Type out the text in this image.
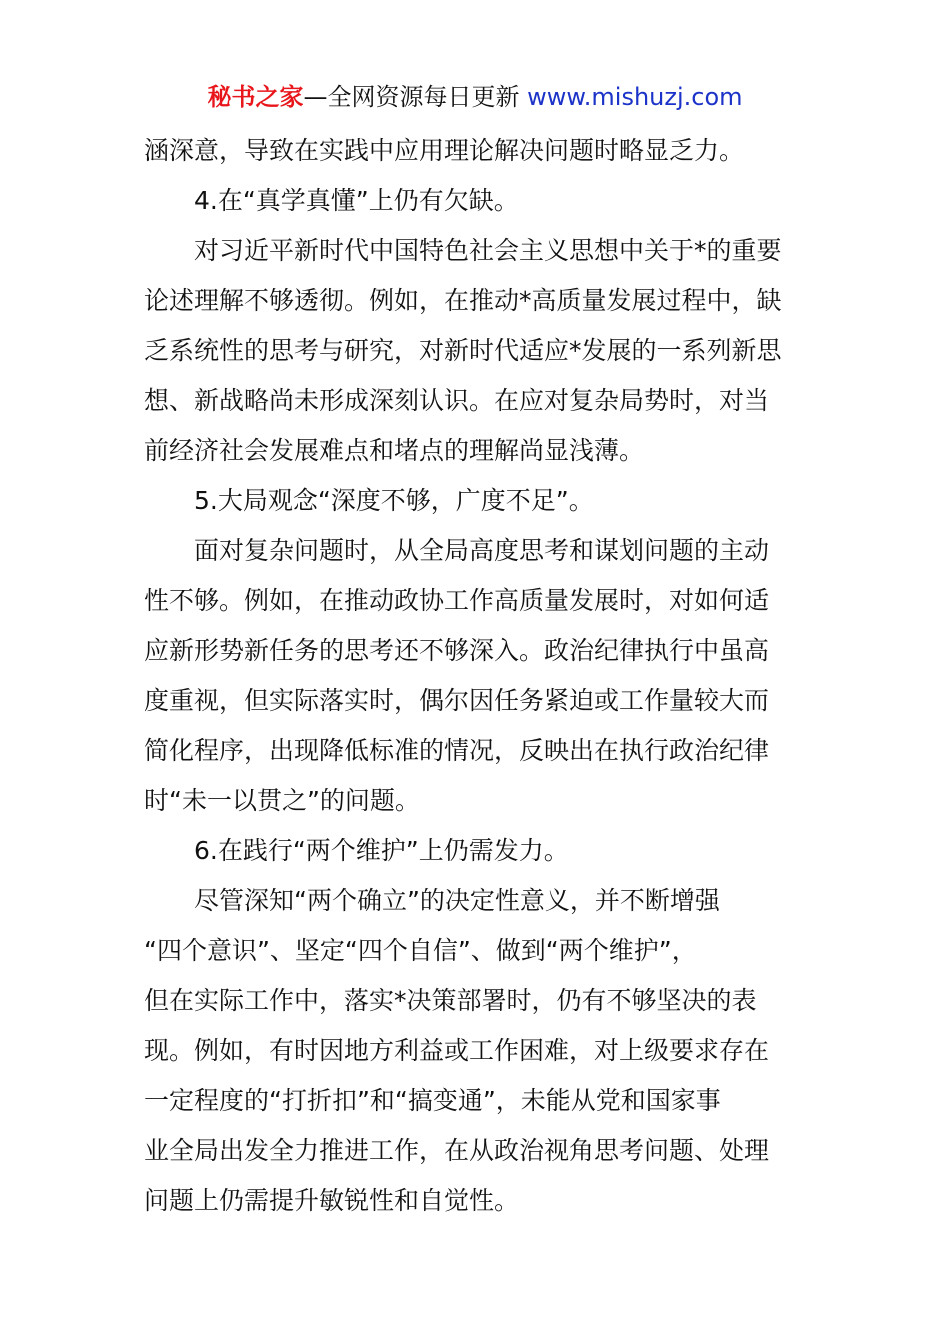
秘书之家—全网资源每日更新 www.mishuzj.com
涵深意，导致在实践中应用理论解决问题时略显乏力。
4.在“真学真懂”上仍有欠缺。
对习近平新时代中国特色社会主义思想中关于*的重要
论述理解不够透彻。例如，在推动*高质量发展过程中，缺
乏系统性的思考与研究，对新时代适应*发展的一系列新思
想、新战略尚未形成深刻认识。在应对复杂局势时，对当
前经济社会发展难点和堵点的理解尚显浅薄。
5.大局观念“深度不够，广度不足”。
面对复杂问题时，从全局高度思考和谋划问题的主动
性不够。例如，在推动政协工作高质量发展时，对如何适
应新形势新任务的思考还不够深入。政治纪律执行中虽高
度重视，但实际落实时，偶尔因任务紧迫或工作量较大而
简化程序，出现降低标准的情况，反映出在执行政治纪律
时“未一以贯之”的问题。
6.在践行“两个维护”上仍需发力。
尽管深知“两个确立”的决定性意义，并不断增强
“四个意识”、坚定“四个自信”、做到“两个维护”，
但在实际工作中，落实*决策部署时，仍有不够坚决的表
现。例如，有时因地方利益或工作困难，对上级要求存在
一定程度的“打折扣”和“搞变通”，未能从党和国家事
业全局出发全力推进工作，在从政治视角思考问题、处理
问题上仍需提升敏锐性和自觉性。
